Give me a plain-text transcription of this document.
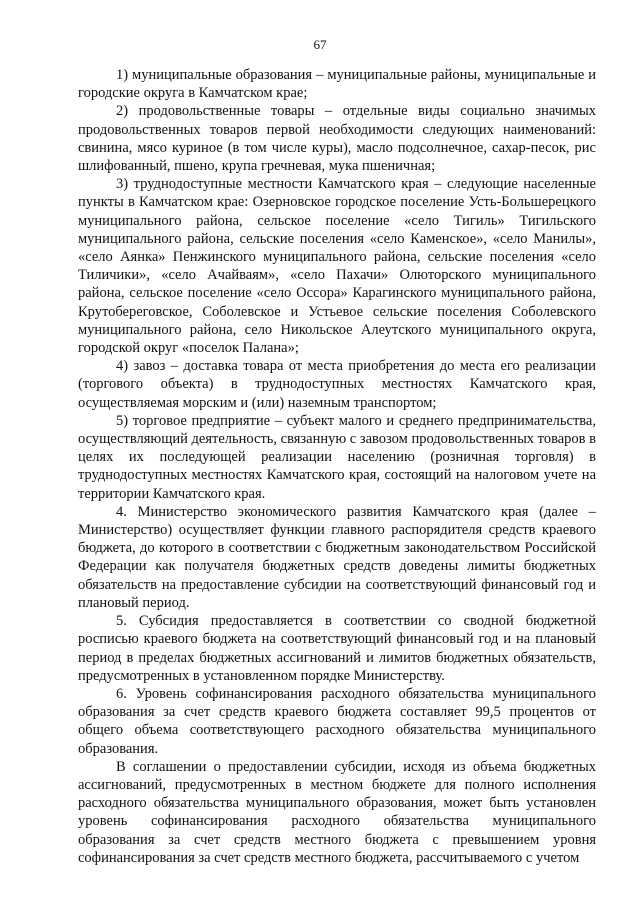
67

1) муниципальные образования – муниципальные районы, муниципальные и городские округа в Камчатском крае;

2) продовольственные товары – отдельные виды социально значимых продовольственных товаров первой необходимости следующих наименований: свинина, мясо куриное (в том числе куры), масло подсолнечное, сахар-песок, рис шлифованный, пшено, крупа гречневая, мука пшеничная;

3) труднодоступные местности Камчатского края – следующие населенные пункты в Камчатском крае: Озерновское городское поселение Усть-Большерецкого муниципального района, сельское поселение «село Тигиль» Тигильского муниципального района, сельские поселения «село Каменское», «село Манилы», «село Аянка» Пенжинского муниципального района, сельские поселения «село Тиличики», «село Ачайваям», «село Пахачи» Олюторского муниципального района, сельское поселение «село Оссора» Карагинского муниципального района, Крутобереговское, Соболевское и Устьевое сельские поселения Соболевского муниципального района, село Никольское Алеутского муниципального округа, городской округ «поселок Палана»;

4) завоз – доставка товара от места приобретения до места его реализации (торгового объекта) в труднодоступных местностях Камчатского края, осуществляемая морским и (или) наземным транспортом;

5) торговое предприятие – субъект малого и среднего предпринимательства, осуществляющий деятельность, связанную с завозом продовольственных товаров в целях их последующей реализации населению (розничная торговля) в труднодоступных местностях Камчатского края, состоящий на налоговом учете на территории Камчатского края.

4. Министерство экономического развития Камчатского края (далее – Министерство) осуществляет функции главного распорядителя средств краевого бюджета, до которого в соответствии с бюджетным законодательством Российской Федерации как получателя бюджетных средств доведены лимиты бюджетных обязательств на предоставление субсидии на соответствующий финансовый год и плановый период.

5. Субсидия предоставляется в соответствии со сводной бюджетной росписью краевого бюджета на соответствующий финансовый год и на плановый период в пределах бюджетных ассигнований и лимитов бюджетных обязательств, предусмотренных в установленном порядке Министерству.

6. Уровень софинансирования расходного обязательства муниципального образования за счет средств краевого бюджета составляет 99,5 процентов от общего объема соответствующего расходного обязательства муниципального образования.

В соглашении о предоставлении субсидии, исходя из объема бюджетных ассигнований, предусмотренных в местном бюджете для полного исполнения расходного обязательства муниципального образования, может быть установлен уровень софинансирования расходного обязательства муниципального образования за счет средств местного бюджета с превышением уровня софинансирования за счет средств местного бюджета, рассчитываемого с учетом
